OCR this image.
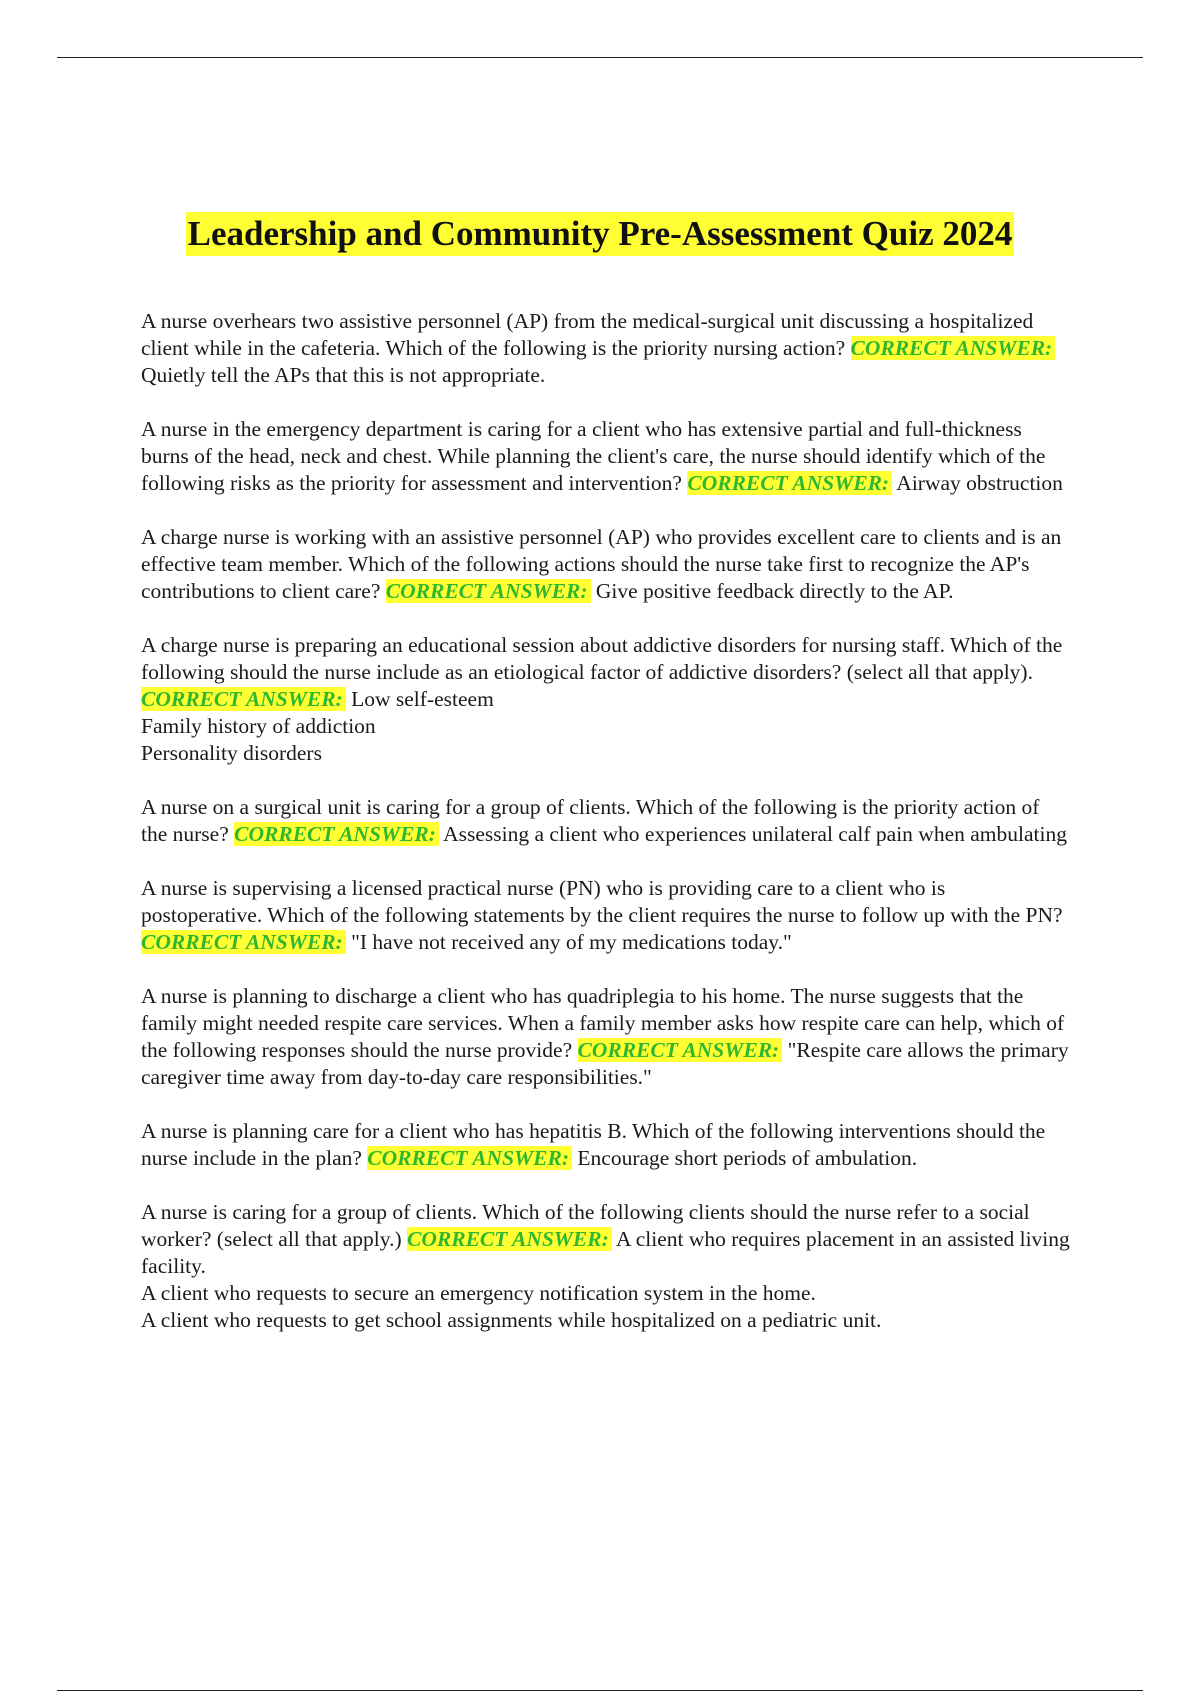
Leadership and Community Pre-Assessment Quiz 2024
A nurse overhears two assistive personnel (AP) from the medical-surgical unit discussing a hospitalized client while in the cafeteria. Which of the following is the priority nursing action? CORRECT ANSWER: Quietly tell the APs that this is not appropriate.
A nurse in the emergency department is caring for a client who has extensive partial and full-thickness burns of the head, neck and chest. While planning the client's care, the nurse should identify which of the following risks as the priority for assessment and intervention? CORRECT ANSWER: Airway obstruction
A charge nurse is working with an assistive personnel (AP) who provides excellent care to clients and is an effective team member. Which of the following actions should the nurse take first to recognize the AP's contributions to client care? CORRECT ANSWER: Give positive feedback directly to the AP.
A charge nurse is preparing an educational session about addictive disorders for nursing staff. Which of the following should the nurse include as an etiological factor of addictive disorders? (select all that apply). CORRECT ANSWER: Low self-esteem
Family history of addiction
Personality disorders
A nurse on a surgical unit is caring for a group of clients. Which of the following is the priority action of the nurse? CORRECT ANSWER: Assessing a client who experiences unilateral calf pain when ambulating
A nurse is supervising a licensed practical nurse (PN) who is providing care to a client who is postoperative. Which of the following statements by the client requires the nurse to follow up with the PN? CORRECT ANSWER: "I have not received any of my medications today."
A nurse is planning to discharge a client who has quadriplegia to his home. The nurse suggests that the family might needed respite care services. When a family member asks how respite care can help, which of the following responses should the nurse provide? CORRECT ANSWER: "Respite care allows the primary caregiver time away from day-to-day care responsibilities."
A nurse is planning care for a client who has hepatitis B. Which of the following interventions should the nurse include in the plan? CORRECT ANSWER: Encourage short periods of ambulation.
A nurse is caring for a group of clients. Which of the following clients should the nurse refer to a social worker? (select all that apply.) CORRECT ANSWER: A client who requires placement in an assisted living facility.
A client who requests to secure an emergency notification system in the home.
A client who requests to get school assignments while hospitalized on a pediatric unit.
